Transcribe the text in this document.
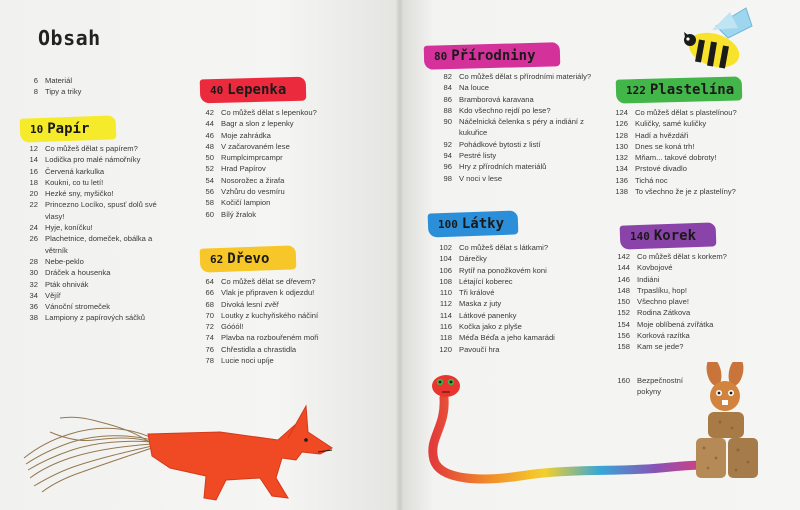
Obsah
6 Materiál
8 Tipy a triky
10 Papír
12 Co můžeš dělat s papírem?
14 Lodička pro malé námořníky
16 Červená karkulka
18 Koukni, co tu letí!
20 Hezké sny, myšičko!
22 Princezno Locíko, spusť dolů své vlasy!
24 Hyje, koníčku!
26 Plachetnice, domeček, obálka a větrník
28 Nebe-peklo
30 Dráček a housenka
32 Pták ohnivák
34 Vějíř
36 Vánoční stromeček
38 Lampiony z papírových sáčků
40 Lepenka
42 Co můžeš dělat s lepenkou?
44 Bagr a slon z lepenky
46 Moje zahrádka
48 V začarovaném lese
50 Rumplcimprcampr
52 Hrad Papírov
54 Nosorožec a žirafa
56 Vzhůru do vesmíru
58 Kočičí lampion
60 Bílý žralok
62 Dřevo
64 Co můžeš dělat se dřevem?
66 Vlak je připraven k odjezdu!
68 Divoká lesní zvěř
70 Loutky z kuchyňského náčiní
72 Góóól!
74 Plavba na rozbouřeném moři
76 Chřestidla a chrastidla
78 Lucie noci upíje
80 Přírodniny
82 Co můžeš dělat s přírodními materiály?
84 Na louce
86 Bramborová karavana
88 Kdo všechno rejdí po lese?
90 Náčelnická čelenka s péry a indiání z kukuřice
92 Pohádkové bytosti z listí
94 Pestré listy
96 Hry z přírodních materiálů
98 V noci v lese
100 Látky
102 Co můžeš dělat s látkami?
104 Dárečky
106 Rytíř na ponožkovém koni
108 Létající koberec
110 Tři králové
112 Maska z juty
114 Látkové panenky
116 Kočka jako z plyše
118 Méďa Béďa a jeho kamarádi
120 Pavoučí hra
122 Plastelína
124 Co můžeš dělat s plastelínou?
126 Kuličky, samé kuličky
128 Hadí a hvězdáři
130 Dnes se koná trh!
132 Mňam... takové dobroty!
134 Prstové divadlo
136 Tichá noc
138 To všechno že je z plastelíny?
140 Korek
142 Co můžeš dělat s korkem?
144 Kovbojové
146 Indiáni
148 Trpaslíku, hop!
150 Všechno plave!
152 Rodina Zátkova
154 Moje oblíbená zvířátka
156 Korková razítka
158 Kam se jede?
160 Bezpečnostní pokyny
